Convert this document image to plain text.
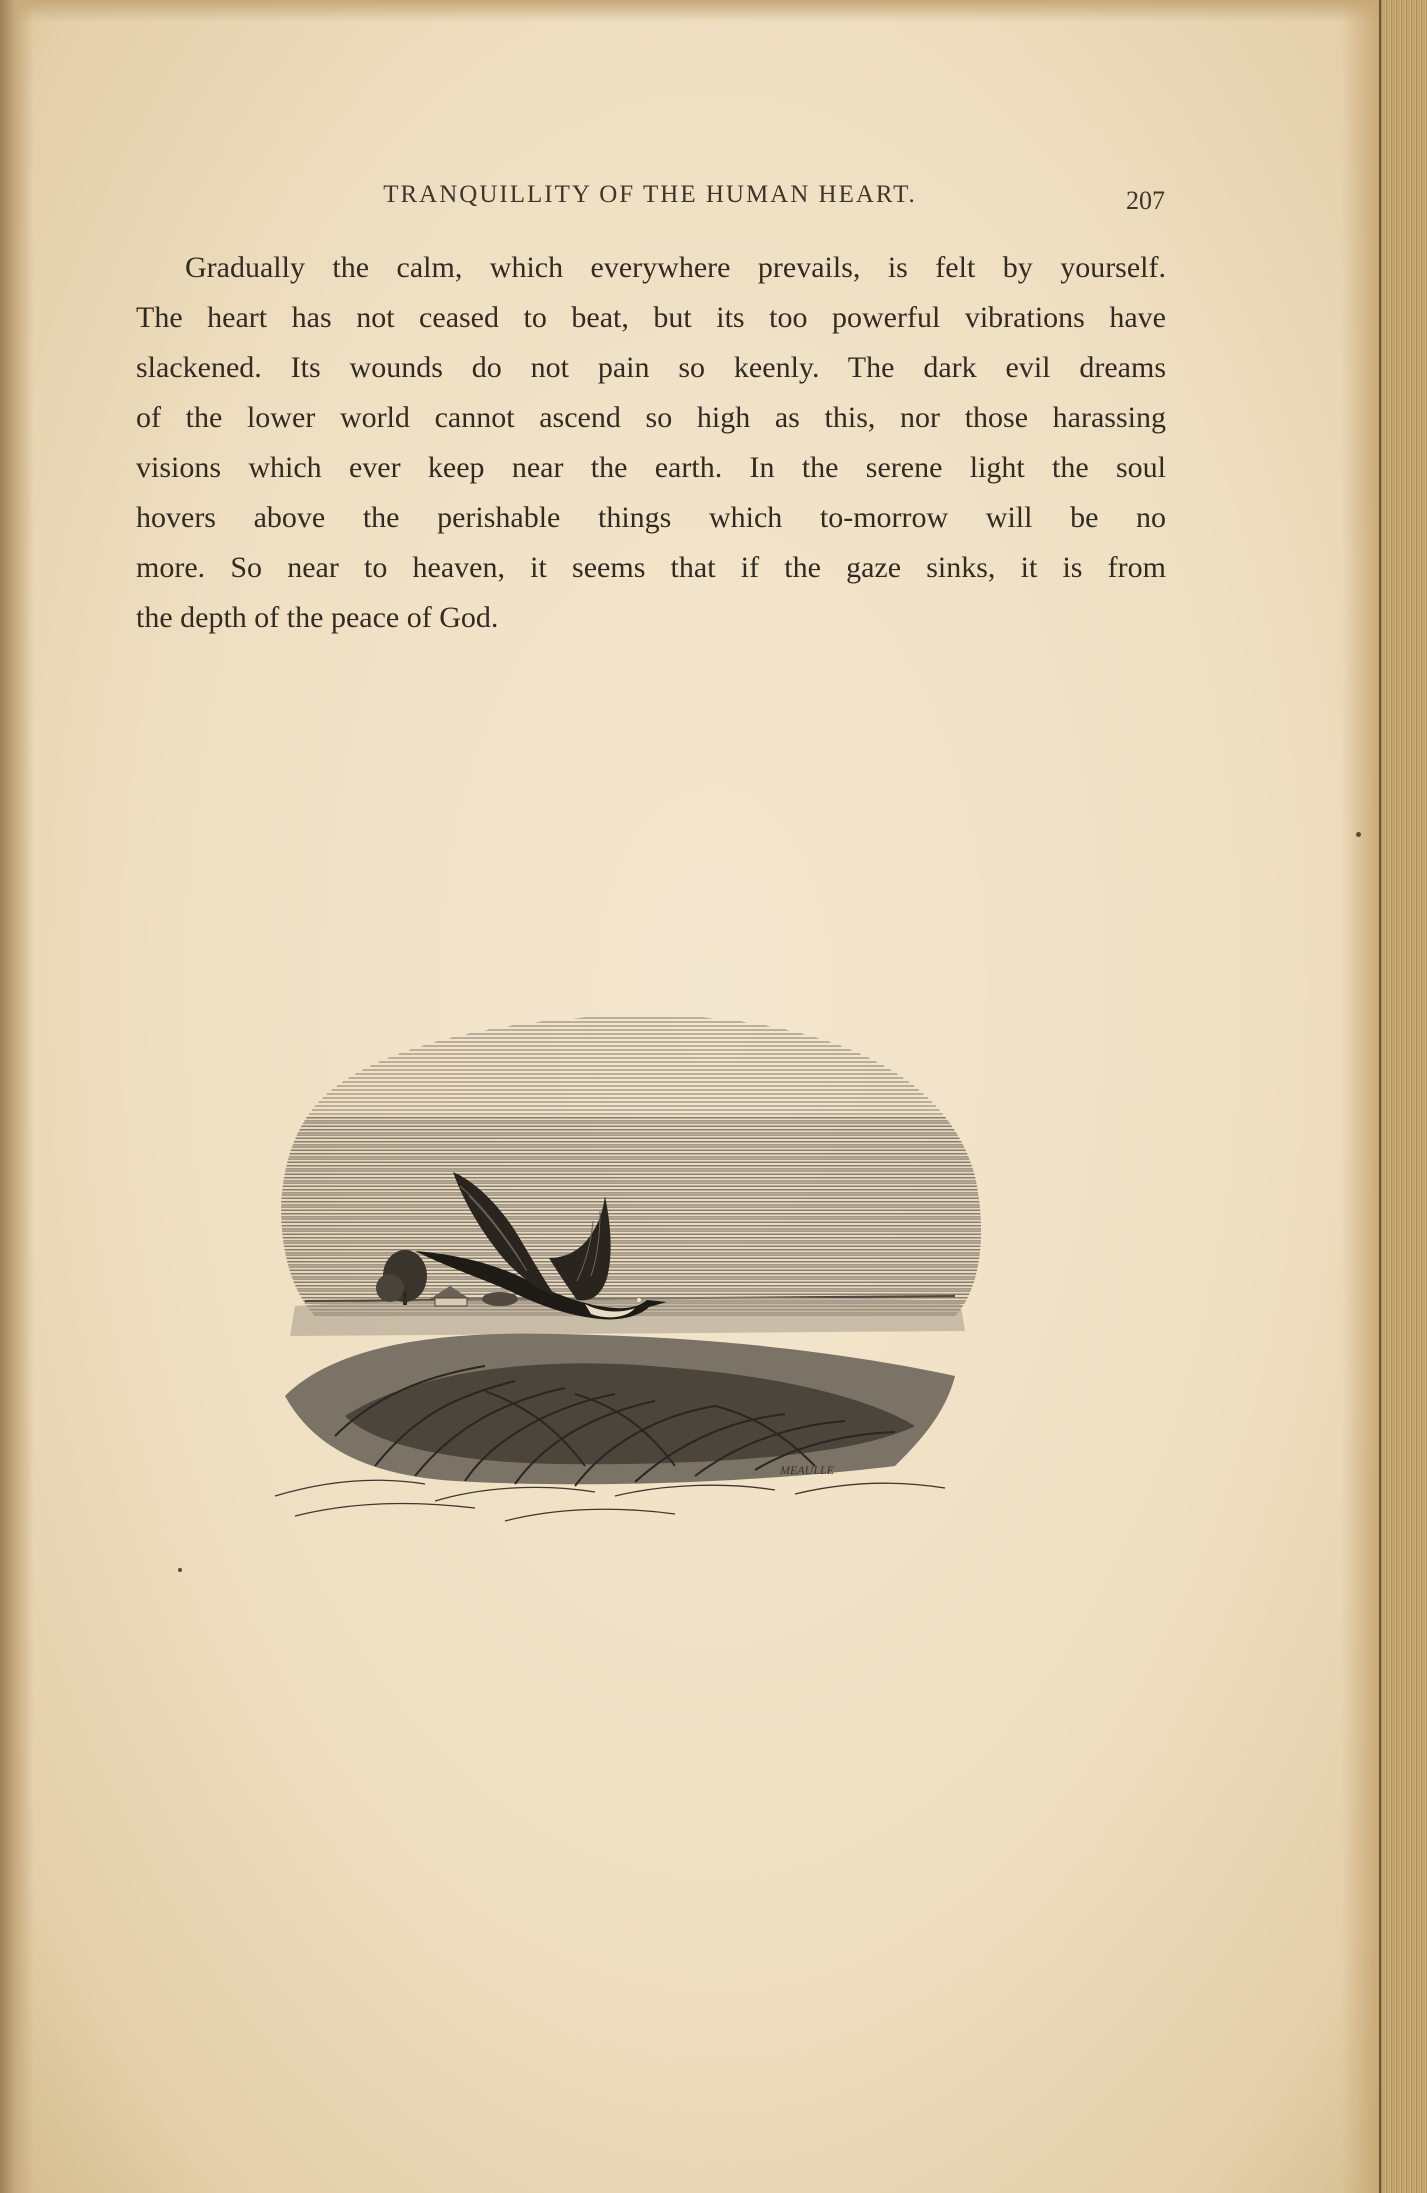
TRANQUILLITY OF THE HUMAN HEART.	207
Gradually the calm, which everywhere prevails, is felt by yourself.
The heart has not ceased to beat, but its too powerful vibrations have
slackened. Its wounds do not pain so keenly. The dark evil dreams
of the lower world cannot ascend so high as this, nor those harassing
visions which ever keep near the earth. In the serene light the soul
hovers above the perishable things which to-morrow will be no
more. So near to heaven, it seems that if the gaze sinks, it is from
the depth of the peace of God.
MEAULLE
